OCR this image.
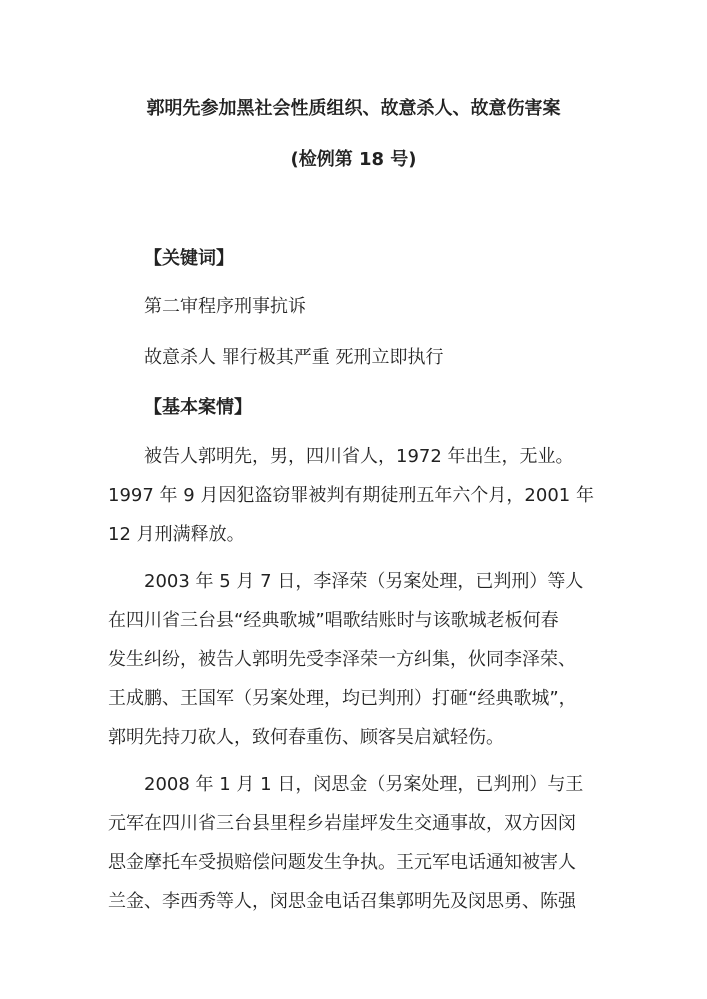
郭明先参加黑社会性质组织、故意杀人、故意伤害案
(检例第 18 号)
【关键词】
第二审程序刑事抗诉
故意杀人 罪行极其严重 死刑立即执行
【基本案情】
被告人郭明先，男，四川省人，1972 年出生，无业。
1997 年 9 月因犯盗窃罪被判有期徒刑五年六个月，2001 年
12 月刑满释放。
2003 年 5 月 7 日，李泽荣（另案处理，已判刑）等人
在四川省三台县“经典歌城”唱歌结账时与该歌城老板何春
发生纠纷，被告人郭明先受李泽荣一方纠集，伙同李泽荣、
王成鹏、王国军（另案处理，均已判刑）打砸“经典歌城”，
郭明先持刀砍人，致何春重伤、顾客吴启斌轻伤。
2008 年 1 月 1 日，闵思金（另案处理，已判刑）与王
元军在四川省三台县里程乡岩崖坪发生交通事故，双方因闵
思金摩托车受损赔偿问题发生争执。王元军电话通知被害人
兰金、李西秀等人，闵思金电话召集郭明先及闵思勇、陈强
